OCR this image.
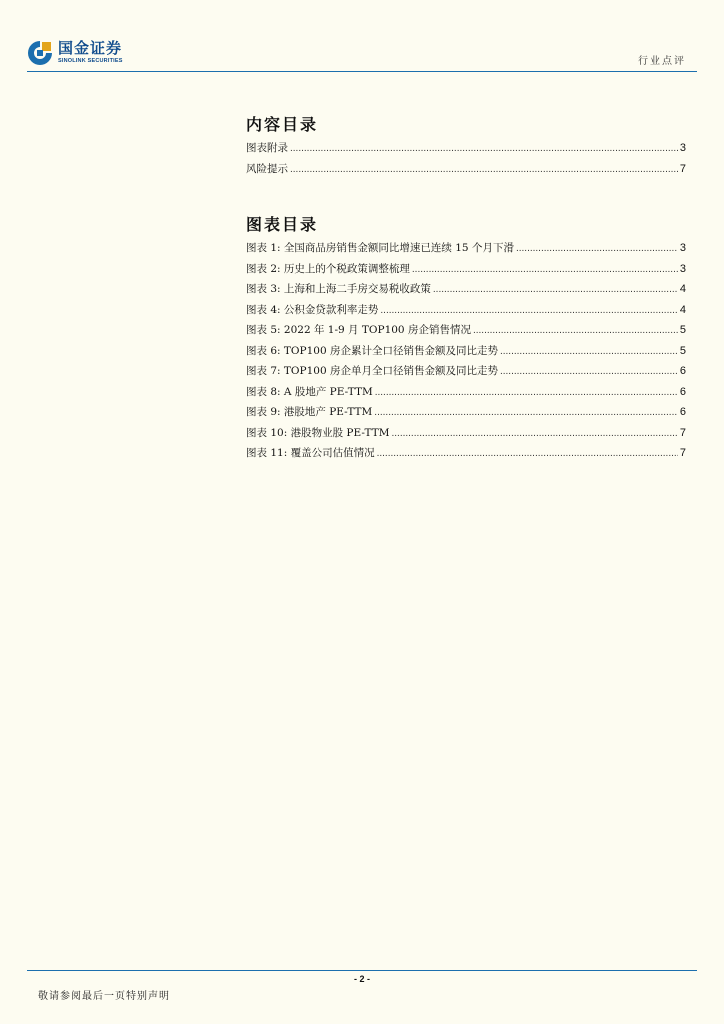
国金证券
SINOLINK SECURITIES	行业点评
内容目录
图表附录 .....	3
风险提示 .....	7
图表目录
图表 1: 全国商品房销售金额同比增速已连续 15 个月下滑 .....	3
图表 2: 历史上的个税政策调整梳理 .....	3
图表 3: 上海和上海二手房交易税收政策 .....	4
图表 4: 公积金贷款利率走势 .....	4
图表 5: 2022 年 1-9 月 TOP100 房企销售情况 .....	5
图表 6: TOP100 房企累计全口径销售金额及同比走势 .....	5
图表 7: TOP100 房企单月全口径销售金额及同比走势 .....	6
图表 8: A 股地产 PE-TTM .....	6
图表 9: 港股地产 PE-TTM .....	6
图表 10: 港股物业股 PE-TTM .....	7
图表 11: 覆盖公司估值情况 .....	7
- 2 -
敬请参阅最后一页特别声明
